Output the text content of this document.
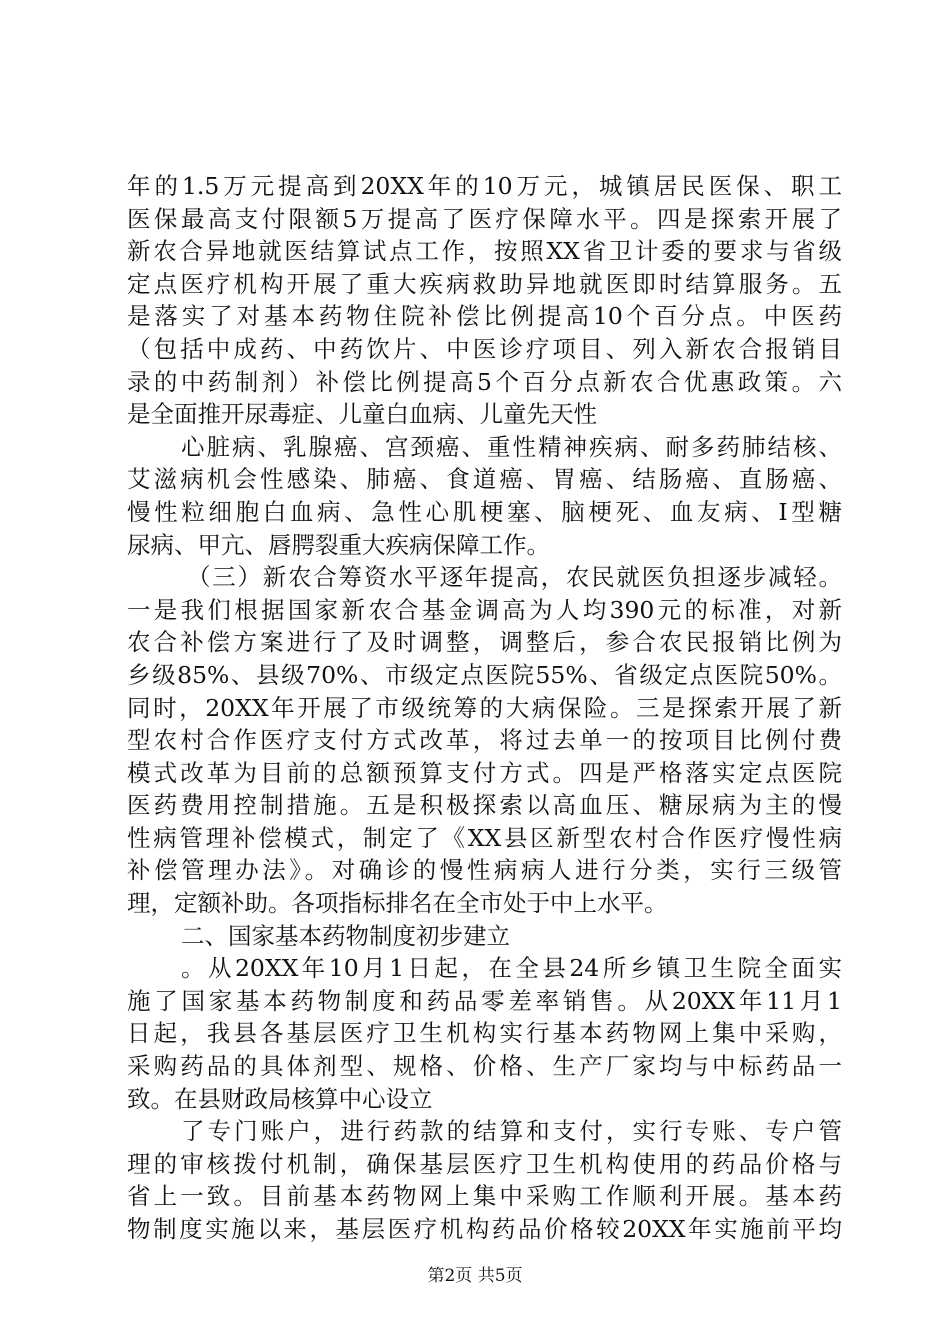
年的1.5万元提高到20XX年的10万元，城镇居民医保、职工
医保最高支付限额5万提高了医疗保障水平。四是探索开展了
新农合异地就医结算试点工作，按照XX省卫计委的要求与省级
定点医疗机构开展了重大疾病救助异地就医即时结算服务。五
是落实了对基本药物住院补偿比例提高10个百分点。中医药
（包括中成药、中药饮片、中医诊疗项目、列入新农合报销目
录的中药制剂）补偿比例提高5个百分点新农合优惠政策。六
是全面推开尿毒症、儿童白血病、儿童先天性

心脏病、乳腺癌、宫颈癌、重性精神疾病、耐多药肺结核、
艾滋病机会性感染、肺癌、食道癌、胃癌、结肠癌、直肠癌、
慢性粒细胞白血病、急性心肌梗塞、脑梗死、血友病、Ⅰ型糖
尿病、甲亢、唇腭裂重大疾病保障工作。

（三）新农合筹资水平逐年提高，农民就医负担逐步减轻。
一是我们根据国家新农合基金调高为人均390元的标准，对新
农合补偿方案进行了及时调整，调整后，参合农民报销比例为
乡级85%、县级70%、市级定点医院55%、省级定点医院50%。
同时，20XX年开展了市级统筹的大病保险。三是探索开展了新
型农村合作医疗支付方式改革，将过去单一的按项目比例付费
模式改革为目前的总额预算支付方式。四是严格落实定点医院
医药费用控制措施。五是积极探索以高血压、糖尿病为主的慢
性病管理补偿模式，制定了《XX县区新型农村合作医疗慢性病
补偿管理办法》。对确诊的慢性病病人进行分类，实行三级管
理，定额补助。各项指标排名在全市处于中上水平。

二、国家基本药物制度初步建立

。从20XX年10月1日起，在全县24所乡镇卫生院全面实
施了国家基本药物制度和药品零差率销售。从20XX年11月1
日起，我县各基层医疗卫生机构实行基本药物网上集中采购，
采购药品的具体剂型、规格、价格、生产厂家均与中标药品一
致。在县财政局核算中心设立

了专门账户，进行药款的结算和支付，实行专账、专户管
理的审核拨付机制，确保基层医疗卫生机构使用的药品价格与
省上一致。目前基本药物网上集中采购工作顺利开展。基本药
物制度实施以来，基层医疗机构药品价格较20XX年实施前平均

第2页 共5页
